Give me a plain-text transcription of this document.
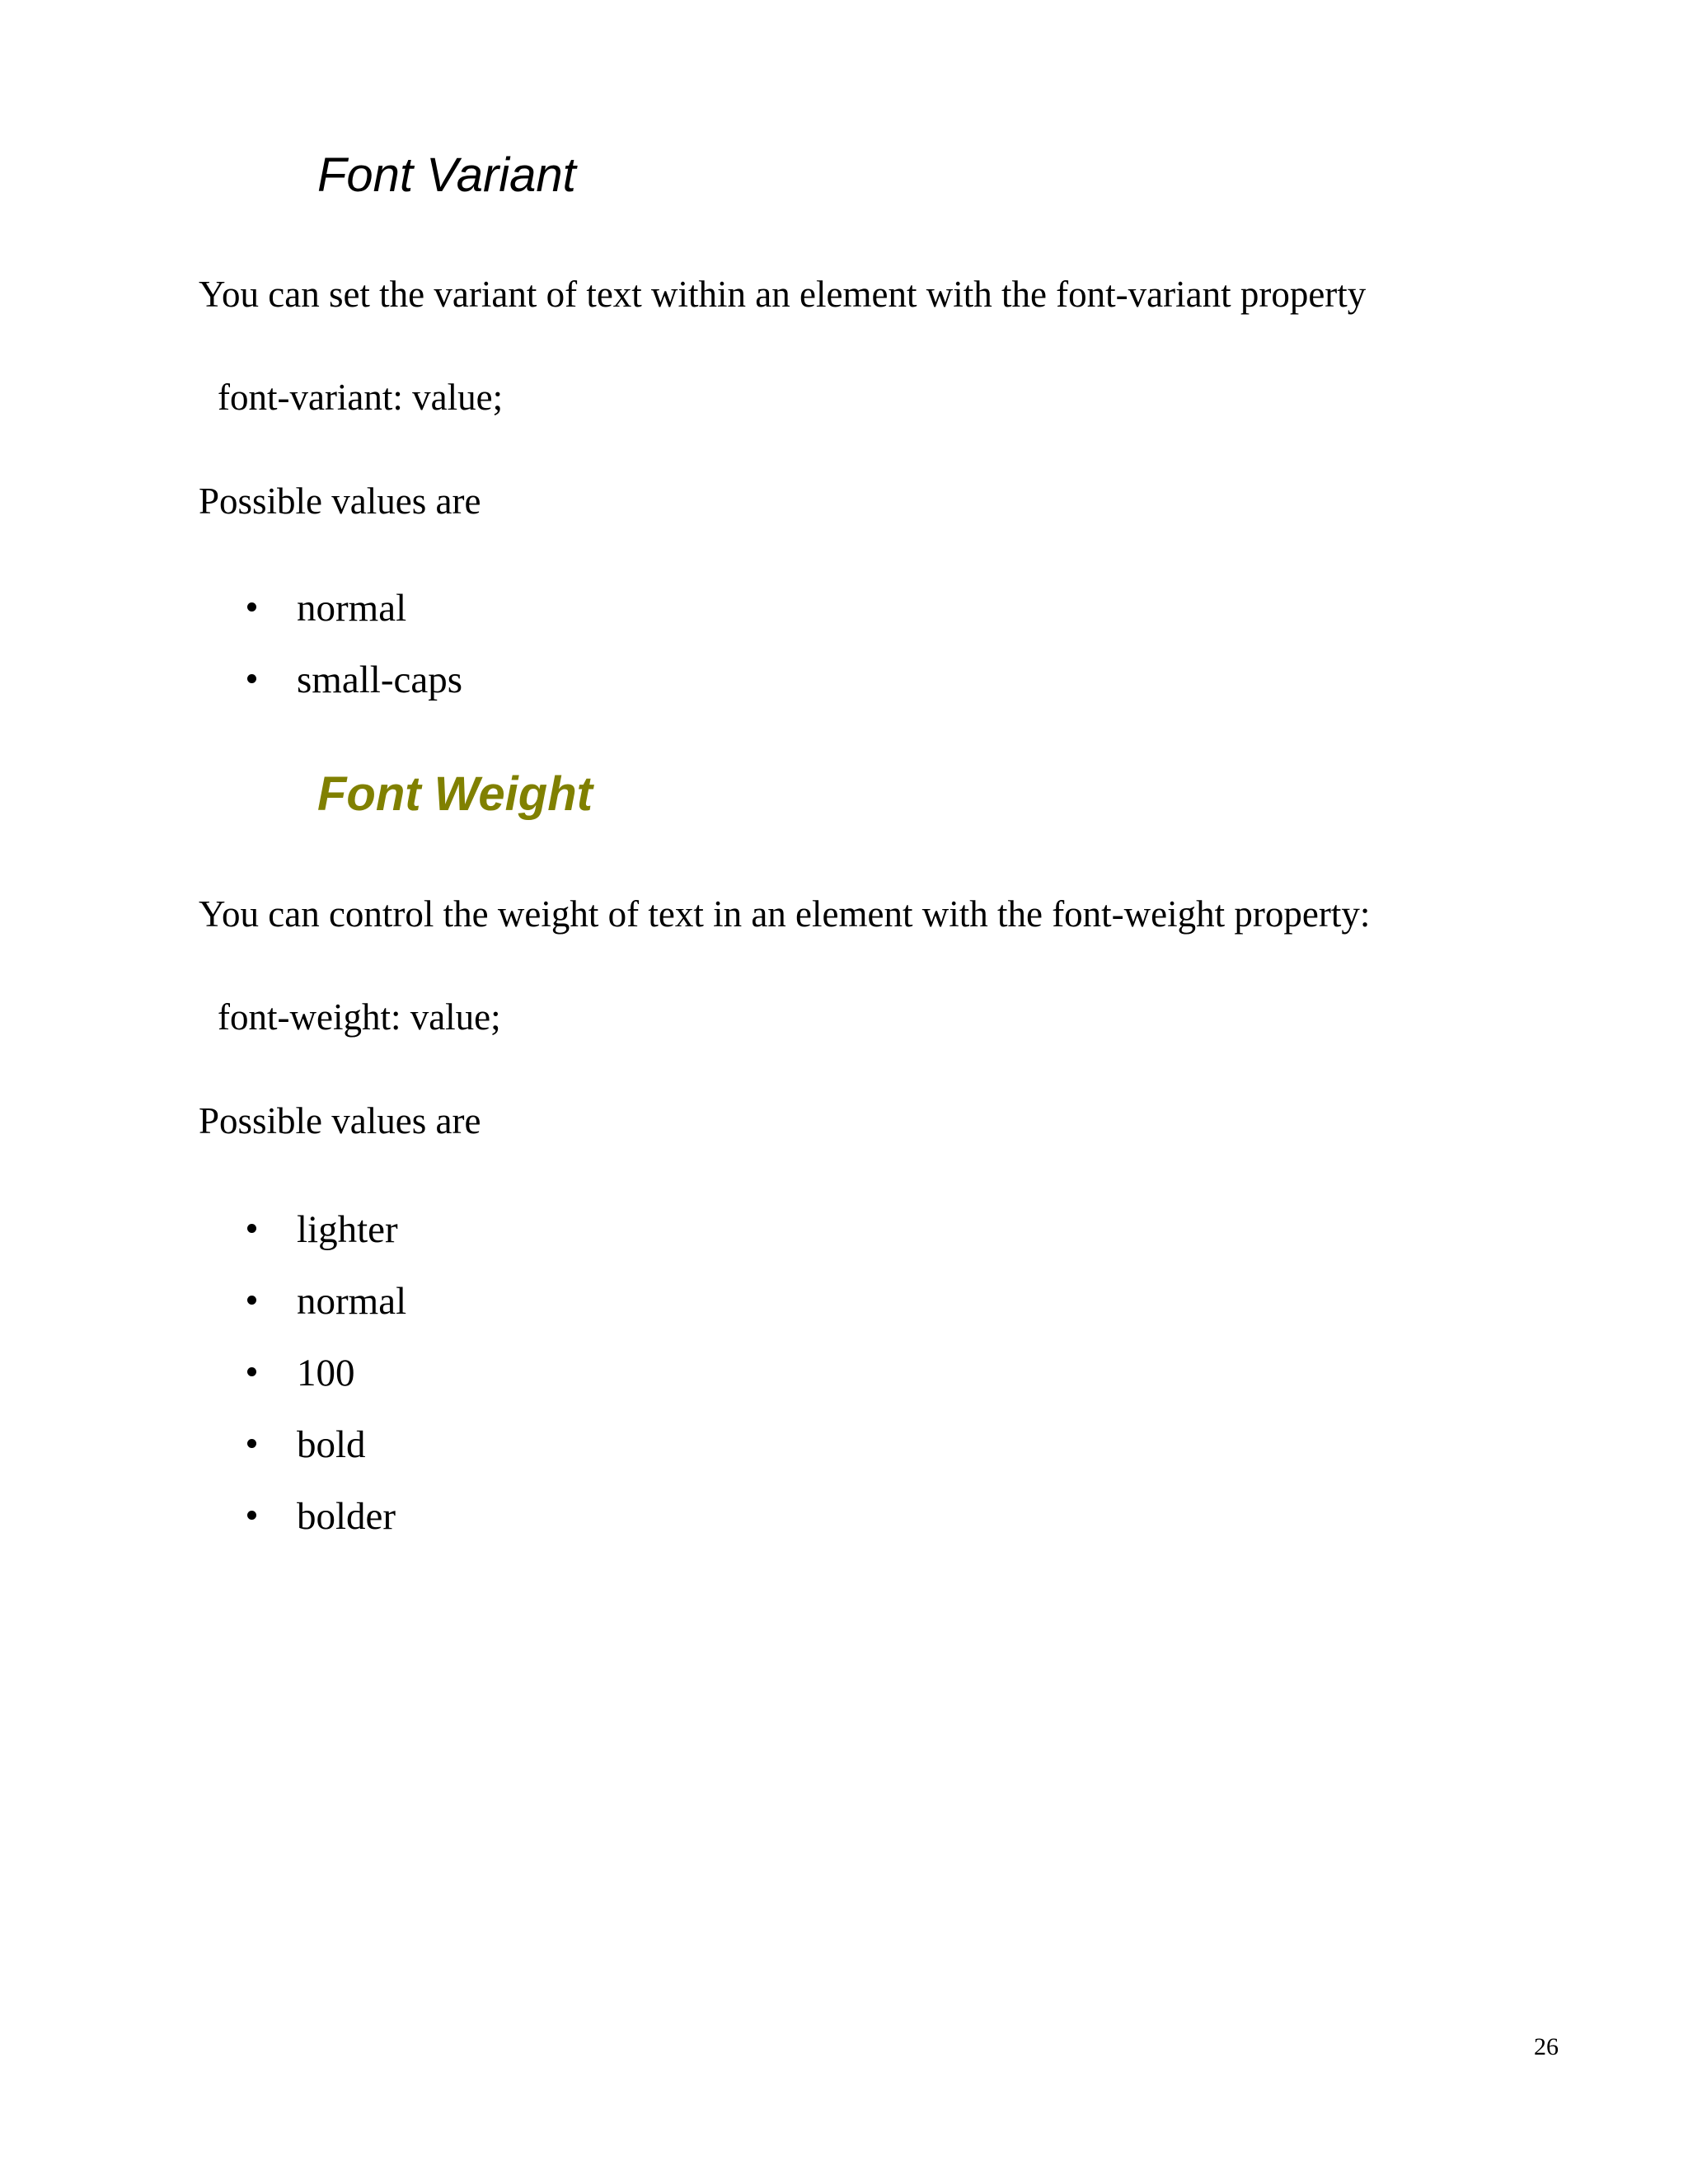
Font Variant

You can set the variant of text within an element with the font-variant property

font-variant: value;

Possible values are

normal
small-caps
Font Weight

You can control the weight of text in an element with the font-weight property:

font-weight: value;

Possible values are

lighter
normal
100
bold
bolder

26
